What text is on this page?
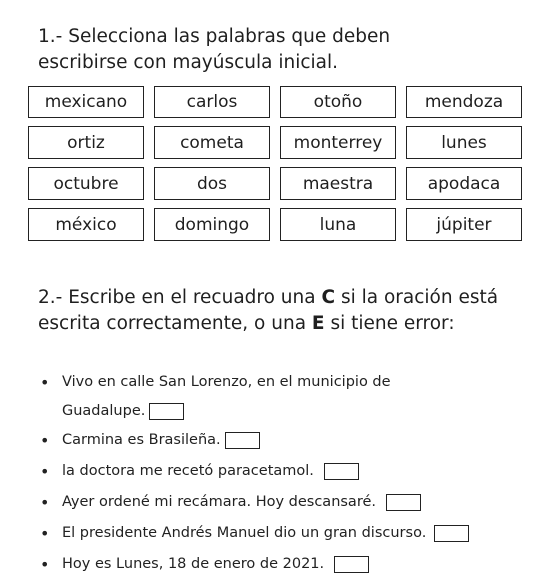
1.- Selecciona las palabras que deben escribirse con mayúscula inicial.
mexicano	carlos	otoño	mendoza
ortiz	cometa	monterrey	lunes
octubre	dos	maestra	apodaca
méxico	domingo	luna	júpiter
2.- Escribe en el recuadro una C si la oración está escrita correctamente, o una E si tiene error:
• Vivo en calle San Lorenzo, en el municipio de
Guadalupe.
• Carmina es Brasileña.
• la doctora me recetó paracetamol.
• Ayer ordené mi recámara. Hoy descansaré.
• El presidente Andrés Manuel dio un gran discurso.
• Hoy es Lunes, 18 de enero de 2021.
